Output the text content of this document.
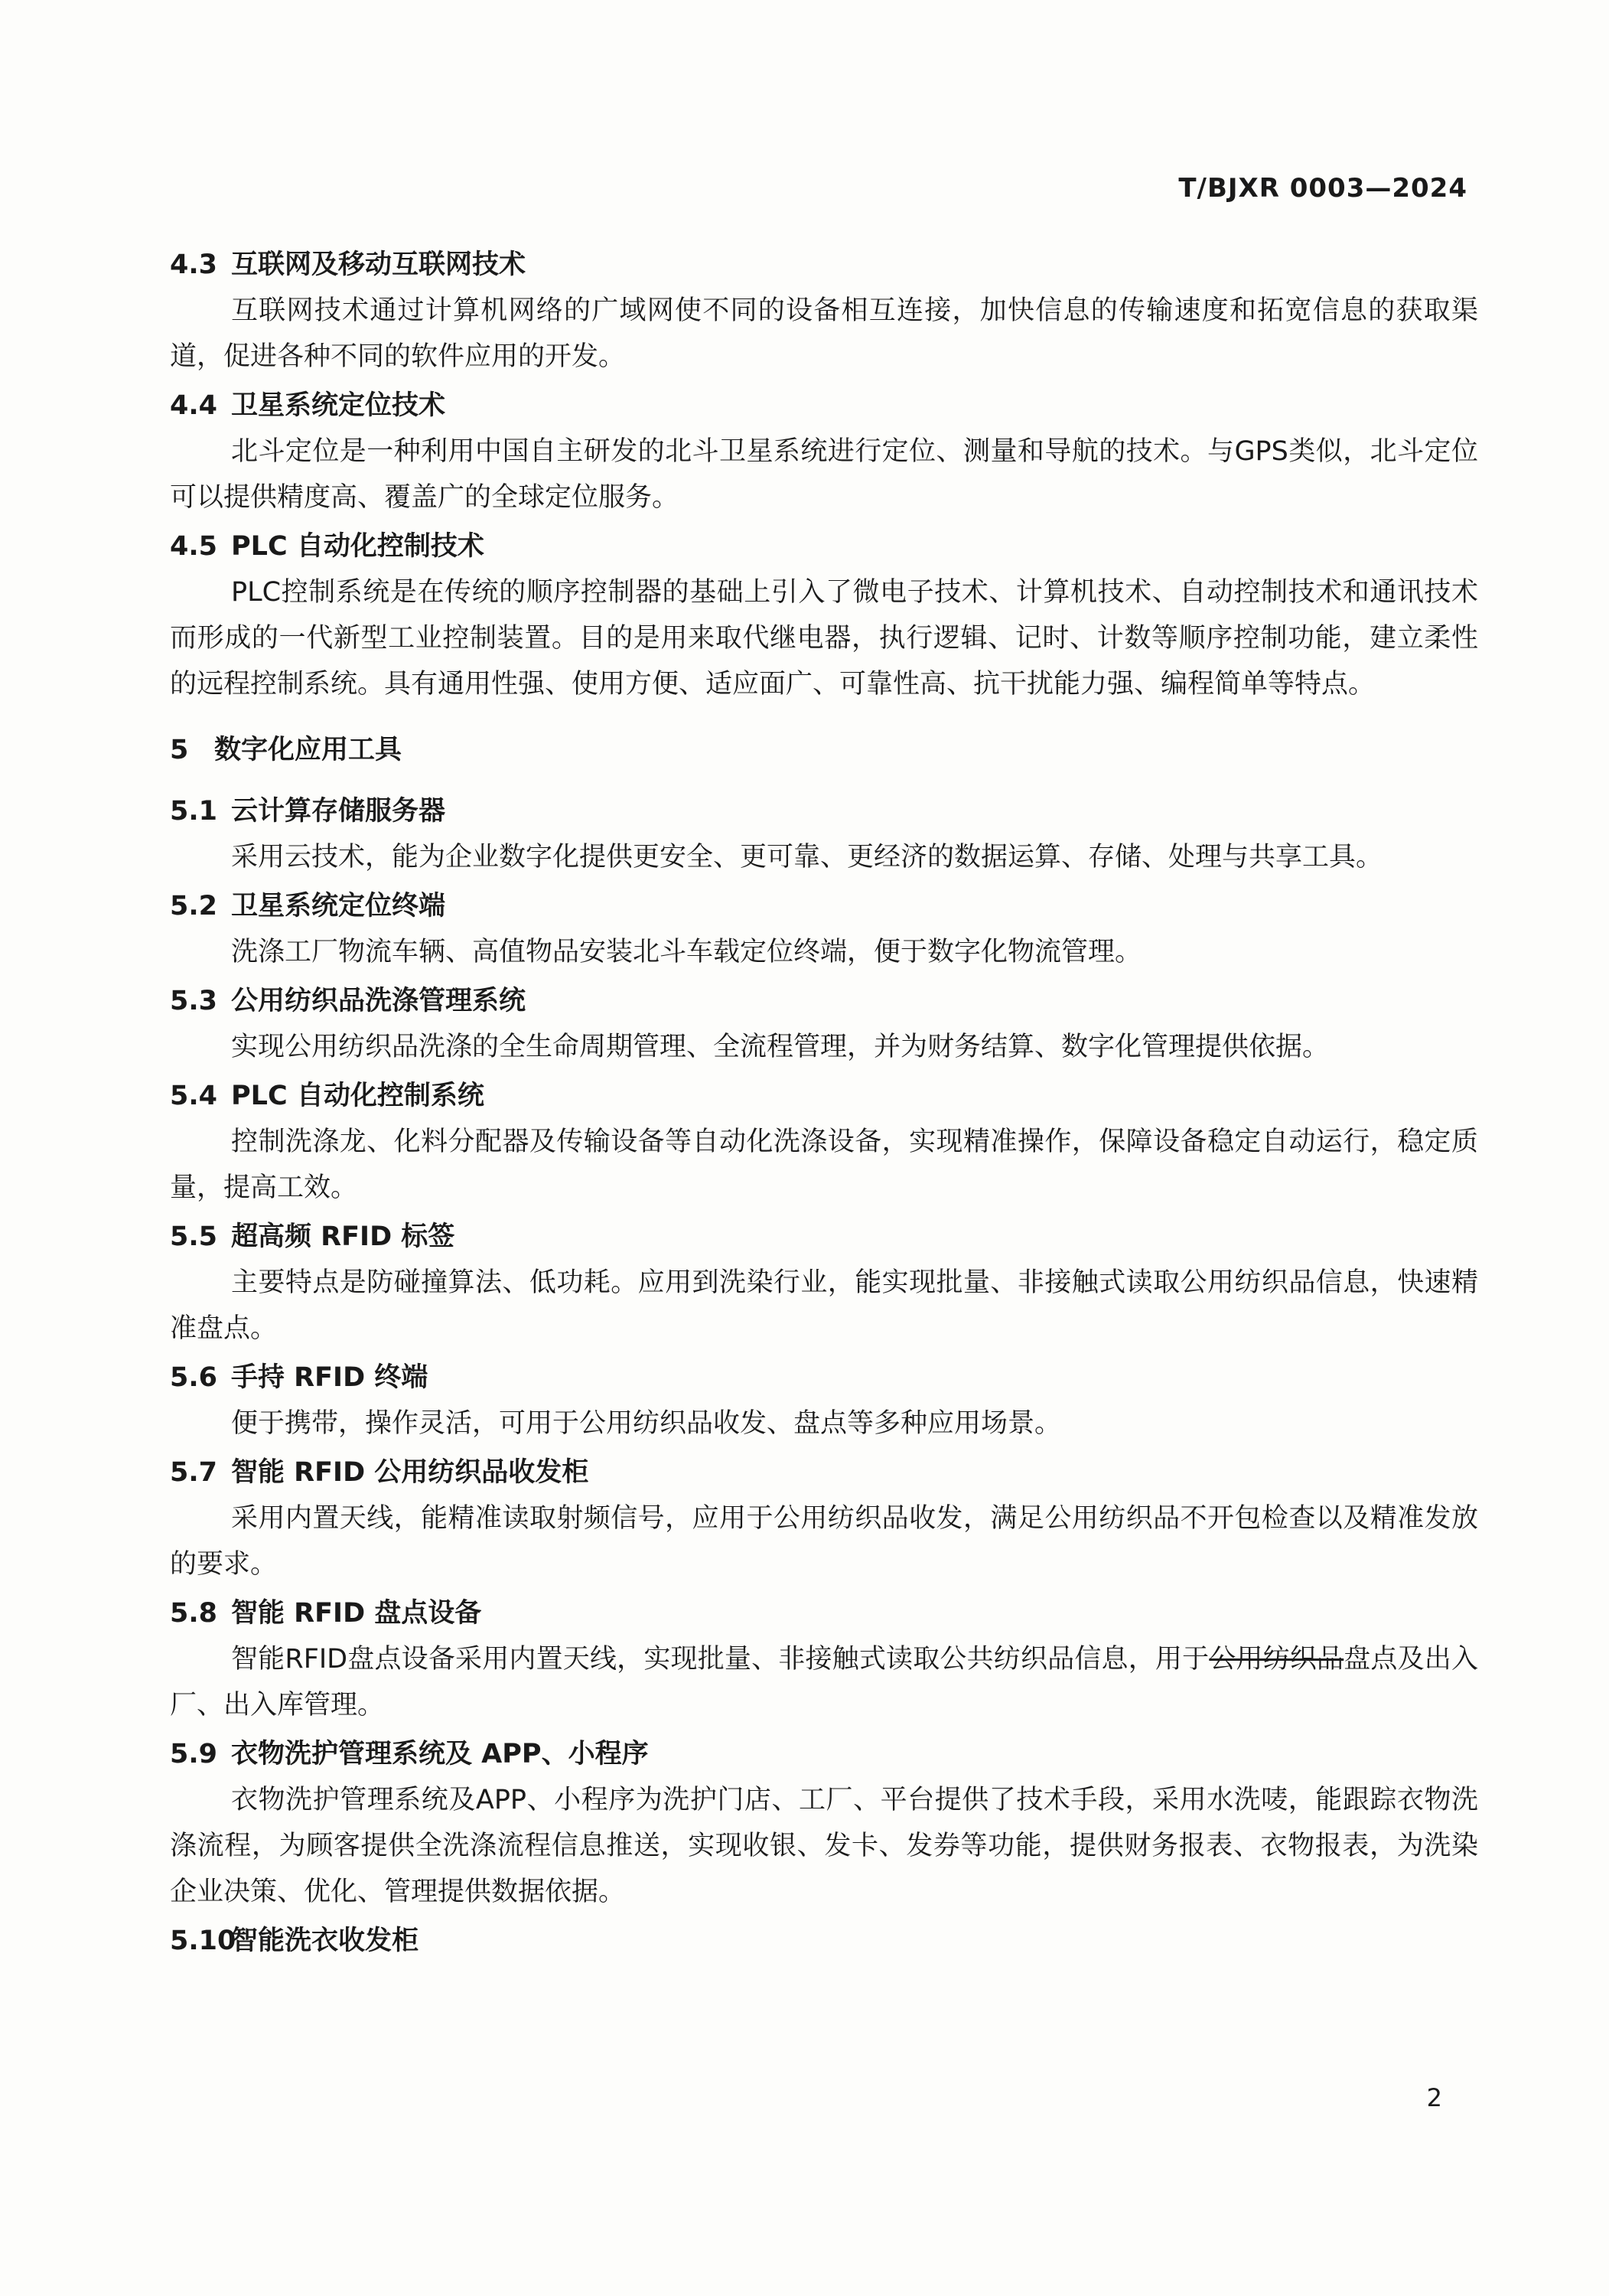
T/BJXR 0003—2024
4.3 互联网及移动互联网技术

互联网技术通过计算机网络的广域网使不同的设备相互连接，加快信息的传输速度和拓宽信息的获取渠道，促进各种不同的软件应用的开发。

4.4 卫星系统定位技术

北斗定位是一种利用中国自主研发的北斗卫星系统进行定位、测量和导航的技术。与GPS类似，北斗定位可以提供精度高、覆盖广的全球定位服务。

4.5 PLC 自动化控制技术

PLC控制系统是在传统的顺序控制器的基础上引入了微电子技术、计算机技术、自动控制技术和通讯技术而形成的一代新型工业控制装置。目的是用来取代继电器，执行逻辑、记时、计数等顺序控制功能，建立柔性的远程控制系统。具有通用性强、使用方便、适应面广、可靠性高、抗干扰能力强、编程简单等特点。

5 数字化应用工具
5.1 云计算存储服务器

采用云技术，能为企业数字化提供更安全、更可靠、更经济的数据运算、存储、处理与共享工具。

5.2 卫星系统定位终端

洗涤工厂物流车辆、高值物品安装北斗车载定位终端，便于数字化物流管理。

5.3 公用纺织品洗涤管理系统

实现公用纺织品洗涤的全生命周期管理、全流程管理，并为财务结算、数字化管理提供依据。

5.4 PLC 自动化控制系统

控制洗涤龙、化料分配器及传输设备等自动化洗涤设备，实现精准操作，保障设备稳定自动运行，稳定质量，提高工效。

5.5 超高频 RFID 标签

主要特点是防碰撞算法、低功耗。应用到洗染行业，能实现批量、非接触式读取公用纺织品信息，快速精准盘点。

5.6 手持 RFID 终端

便于携带，操作灵活，可用于公用纺织品收发、盘点等多种应用场景。

5.7 智能 RFID 公用纺织品收发柜

采用内置天线，能精准读取射频信号，应用于公用纺织品收发，满足公用纺织品不开包检查以及精准发放的要求。

5.8 智能 RFID 盘点设备

智能RFID盘点设备采用内置天线，实现批量、非接触式读取公共纺织品信息，用于公用纺织品盘点及出入厂、出入库管理。

5.9 衣物洗护管理系统及 APP、小程序

衣物洗护管理系统及APP、小程序为洗护门店、工厂、平台提供了技术手段，采用水洗唛，能跟踪衣物洗涤流程，为顾客提供全洗涤流程信息推送，实现收银、发卡、发券等功能，提供财务报表、衣物报表，为洗染企业决策、优化、管理提供数据依据。

5.10智能洗衣收发柜
2
